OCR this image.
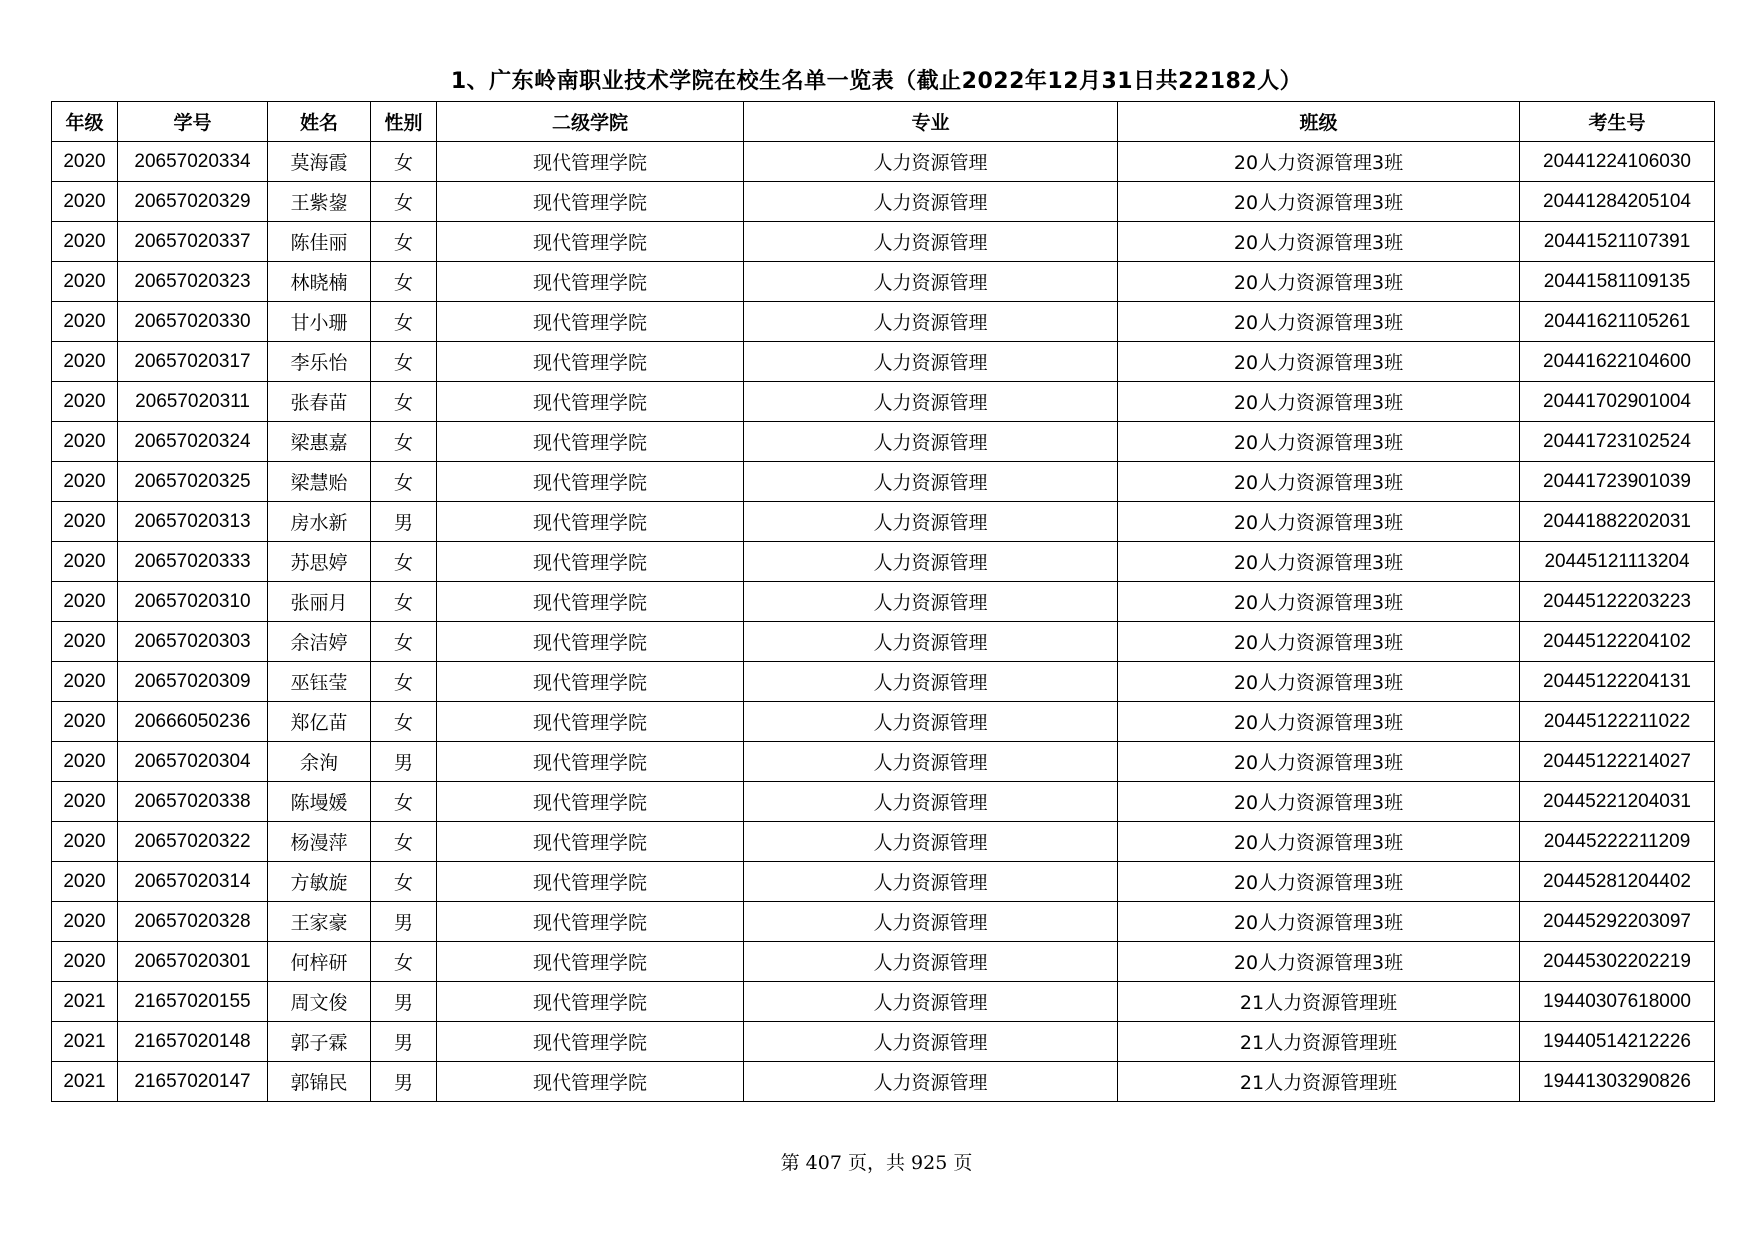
1、广东岭南职业技术学院在校生名单一览表（截止2022年12月31日共22182人）
年级	学号	姓名	性别	二级学院	专业	班级	考生号
2020	20657020334	莫海霞	女	现代管理学院	人力资源管理	20人力资源管理3班	20441224106030
2020	20657020329	王紫鋆	女	现代管理学院	人力资源管理	20人力资源管理3班	20441284205104
2020	20657020337	陈佳丽	女	现代管理学院	人力资源管理	20人力资源管理3班	20441521107391
2020	20657020323	林晓楠	女	现代管理学院	人力资源管理	20人力资源管理3班	20441581109135
2020	20657020330	甘小珊	女	现代管理学院	人力资源管理	20人力资源管理3班	20441621105261
2020	20657020317	李乐怡	女	现代管理学院	人力资源管理	20人力资源管理3班	20441622104600
2020	20657020311	张春苗	女	现代管理学院	人力资源管理	20人力资源管理3班	20441702901004
2020	20657020324	梁惠嘉	女	现代管理学院	人力资源管理	20人力资源管理3班	20441723102524
2020	20657020325	梁慧贻	女	现代管理学院	人力资源管理	20人力资源管理3班	20441723901039
2020	20657020313	房水新	男	现代管理学院	人力资源管理	20人力资源管理3班	20441882202031
2020	20657020333	苏思婷	女	现代管理学院	人力资源管理	20人力资源管理3班	20445121113204
2020	20657020310	张丽月	女	现代管理学院	人力资源管理	20人力资源管理3班	20445122203223
2020	20657020303	余洁婷	女	现代管理学院	人力资源管理	20人力资源管理3班	20445122204102
2020	20657020309	巫钰莹	女	现代管理学院	人力资源管理	20人力资源管理3班	20445122204131
2020	20666050236	郑亿苗	女	现代管理学院	人力资源管理	20人力资源管理3班	20445122211022
2020	20657020304	余洵	男	现代管理学院	人力资源管理	20人力资源管理3班	20445122214027
2020	20657020338	陈墁媛	女	现代管理学院	人力资源管理	20人力资源管理3班	20445221204031
2020	20657020322	杨漫萍	女	现代管理学院	人力资源管理	20人力资源管理3班	20445222211209
2020	20657020314	方敏旋	女	现代管理学院	人力资源管理	20人力资源管理3班	20445281204402
2020	20657020328	王家豪	男	现代管理学院	人力资源管理	20人力资源管理3班	20445292203097
2020	20657020301	何梓研	女	现代管理学院	人力资源管理	20人力资源管理3班	20445302202219
2021	21657020155	周文俊	男	现代管理学院	人力资源管理	21人力资源管理班	19440307618000
2021	21657020148	郭子霖	男	现代管理学院	人力资源管理	21人力资源管理班	19440514212226
2021	21657020147	郭锦民	男	现代管理学院	人力资源管理	21人力资源管理班	19441303290826
第 407 页，共 925 页
